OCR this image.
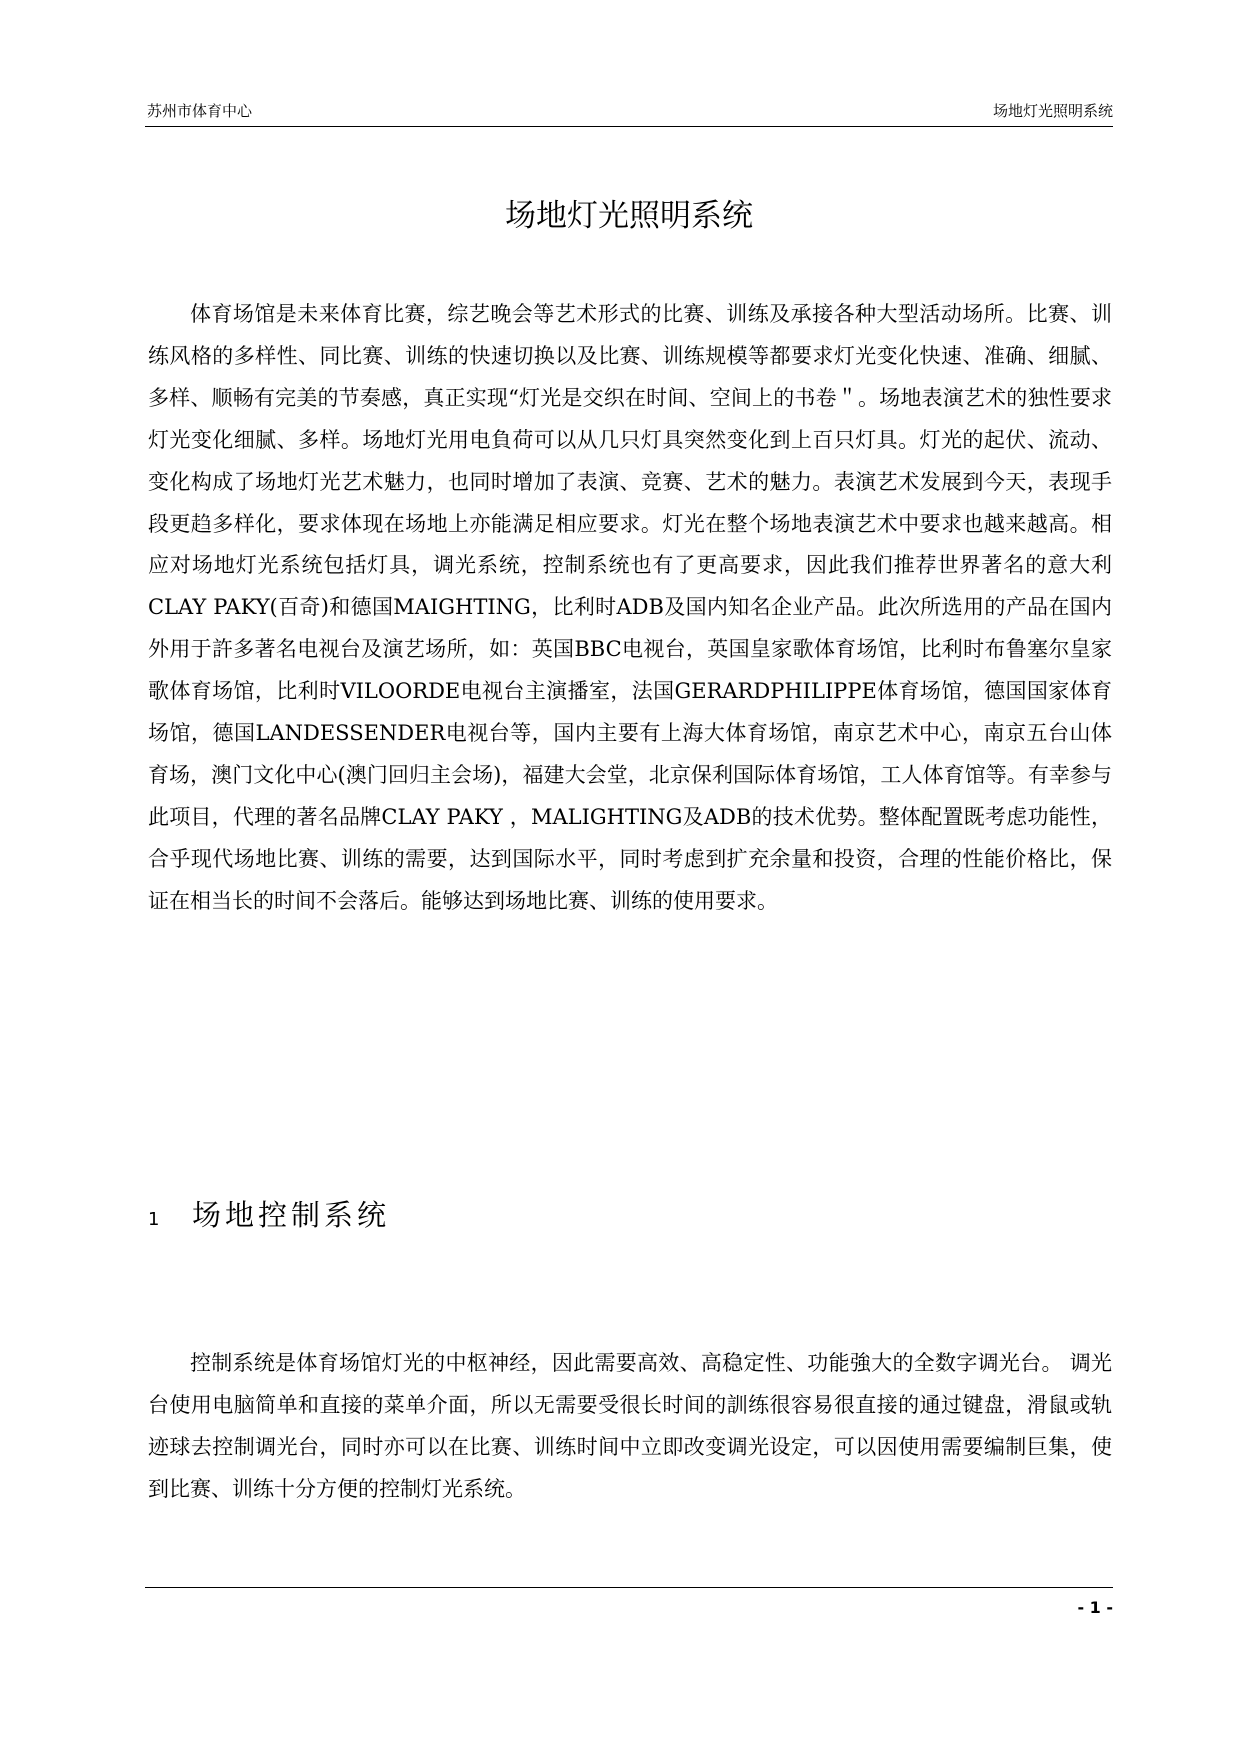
苏州市体育中心	场地灯光照明系统
场地灯光照明系统

体育场馆是未来体育比赛，综艺晚会等艺术形式的比赛、训练及承接各种大型活动场所。比赛、训练风格的多样性、同比赛、训练的快速切换以及比赛、训练规模等都要求灯光变化快速、准确、细腻、多样、顺畅有完美的节奏感，真正实现“灯光是交织在时间、空间上的书卷＂。场地表演艺术的独性要求灯光变化细腻、多样。场地灯光用电負荷可以从几只灯具突然变化到上百只灯具。灯光的起伏、流动、变化构成了场地灯光艺术魅力，也同时增加了表演、竞赛、艺术的魅力。表演艺术发展到今天，表现手段更趋多样化，要求体现在场地上亦能满足相应要求。灯光在整个场地表演艺术中要求也越来越高。相应对场地灯光系统包括灯具，调光系统，控制系统也有了更高要求，因此我们推荐世界著名的意大利CLAY PAKY(百奇)和德国MAIGHTING，比利时ADB及国内知名企业产品。此次所选用的产品在国内外用于許多著名电视台及演艺场所，如：英国BBC电视台，英国皇家歌体育场馆，比利时布鲁塞尔皇家歌体育场馆，比利时VILOORDE电视台主演播室，法国GERARDPHILIPPE体育场馆，德国国家体育场馆，德国LANDESSENDER电视台等，国内主要有上海大体育场馆，南京艺术中心，南京五台山体育场，澳门文化中心(澳门回归主会场)，福建大会堂，北京保利国际体育场馆，工人体育馆等。有幸参与此项目，代理的著名品牌CLAY PAKY ，MALIGHTING及ADB的技术优势。整体配置既考虑功能性，合乎现代场地比赛、训练的需要，达到国际水平，同时考虑到扩充余量和投资，合理的性能价格比，保证在相当长的时间不会落后。能够达到场地比赛、训练的使用要求。

1	场地控制系统

控制系统是体育场馆灯光的中枢神经，因此需要高效、高稳定性、功能強大的全数字调光台。 调光台使用电脑简单和直接的菜单介面，所以无需要受很长时间的訓练很容易很直接的通过键盘，滑鼠或轨迹球去控制调光台，同时亦可以在比赛、训练时间中立即改变调光设定，可以因使用需要编制巨集，使到比赛、训练十分方便的控制灯光系统。

- 1 -
